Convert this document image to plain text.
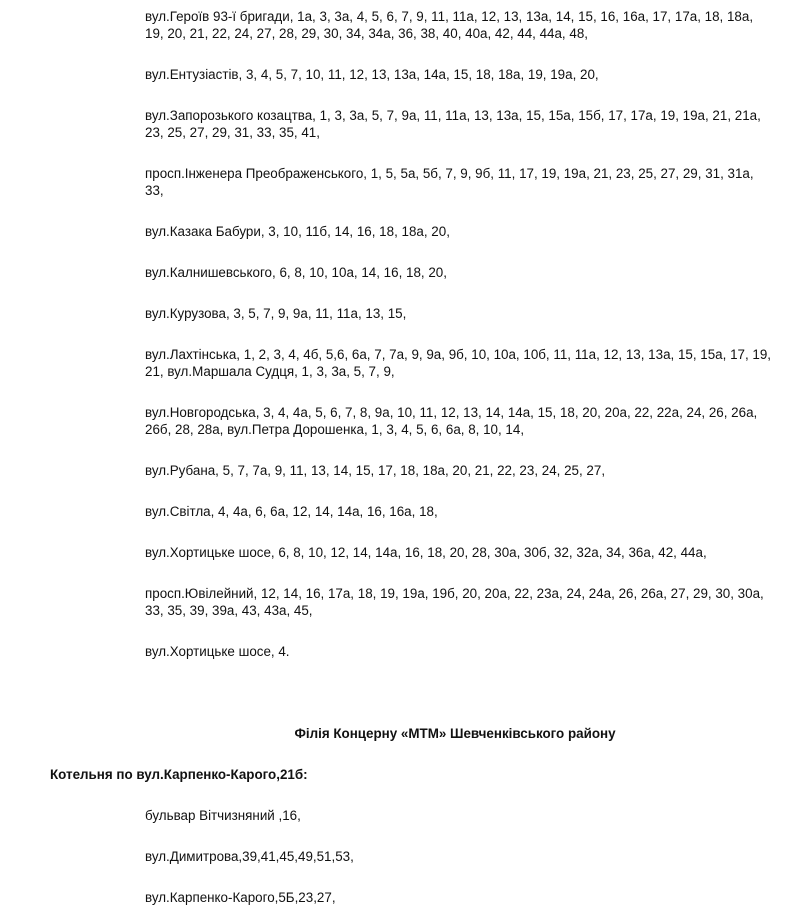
вул.Героїв 93-ї бригади, 1а, 3, 3а, 4, 5, 6, 7, 9, 11, 11а, 12, 13, 13а, 14, 15, 16, 16а, 17, 17а, 18, 18а, 19, 20, 21, 22, 24, 27, 28, 29, 30, 34, 34а, 36, 38, 40, 40а, 42, 44, 44а, 48,

вул.Ентузіастів, 3, 4, 5, 7, 10, 11, 12, 13, 13а, 14а, 15, 18, 18а, 19, 19а, 20,

вул.Запорозького козацтва, 1, 3, 3а, 5, 7, 9а, 11, 11а, 13, 13а, 15, 15а, 15б, 17, 17а, 19, 19а, 21, 21а, 23, 25, 27, 29, 31, 33, 35, 41,

просп.Інженера Преображенського, 1, 5, 5а, 5б, 7, 9, 9б, 11, 17, 19, 19а, 21, 23, 25, 27, 29, 31, 31а, 33,

вул.Казака Бабури, 3, 10, 11б, 14, 16, 18, 18а, 20,

вул.Калнишевського, 6, 8, 10, 10а, 14, 16, 18, 20,

вул.Курузова, 3, 5, 7, 9, 9а, 11, 11а, 13, 15,

вул.Лахтінська, 1, 2, 3, 4, 4б, 5,6, 6а, 7, 7а, 9, 9а, 9б, 10, 10а, 10б, 11, 11а, 12, 13, 13а, 15, 15а, 17, 19, 21, вул.Маршала Судця, 1, 3, 3а, 5, 7, 9,

вул.Новгородська, 3, 4, 4а, 5, 6, 7, 8, 9а, 10, 11, 12, 13, 14, 14а, 15, 18, 20, 20а, 22, 22а, 24, 26, 26а, 26б, 28, 28а, вул.Петра Дорошенка, 1, 3, 4, 5, 6, 6а, 8, 10, 14,

вул.Рубана, 5, 7, 7а, 9, 11, 13, 14, 15, 17, 18, 18а, 20, 21, 22, 23, 24, 25, 27,

вул.Світла, 4, 4а, 6, 6а, 12, 14, 14а, 16, 16а, 18,

вул.Хортицьке шосе, 6, 8, 10, 12, 14, 14а, 16, 18, 20, 28, 30а, 30б, 32, 32а, 34, 36а, 42, 44а,

просп.Ювілейний, 12, 14, 16, 17а, 18, 19, 19а, 19б, 20, 20а, 22, 23а, 24, 24а, 26, 26а, 27, 29, 30, 30а, 33, 35, 39, 39а, 43, 43а, 45,

вул.Хортицьке шосе, 4.

Філія Концерну «МТМ» Шевченківського району

Котельня по вул.Карпенко-Карого,21б:

бульвар Вітчизняний ,16,

вул.Димитрова,39,41,45,49,51,53,

вул.Карпенко-Карого,5Б,23,27,
